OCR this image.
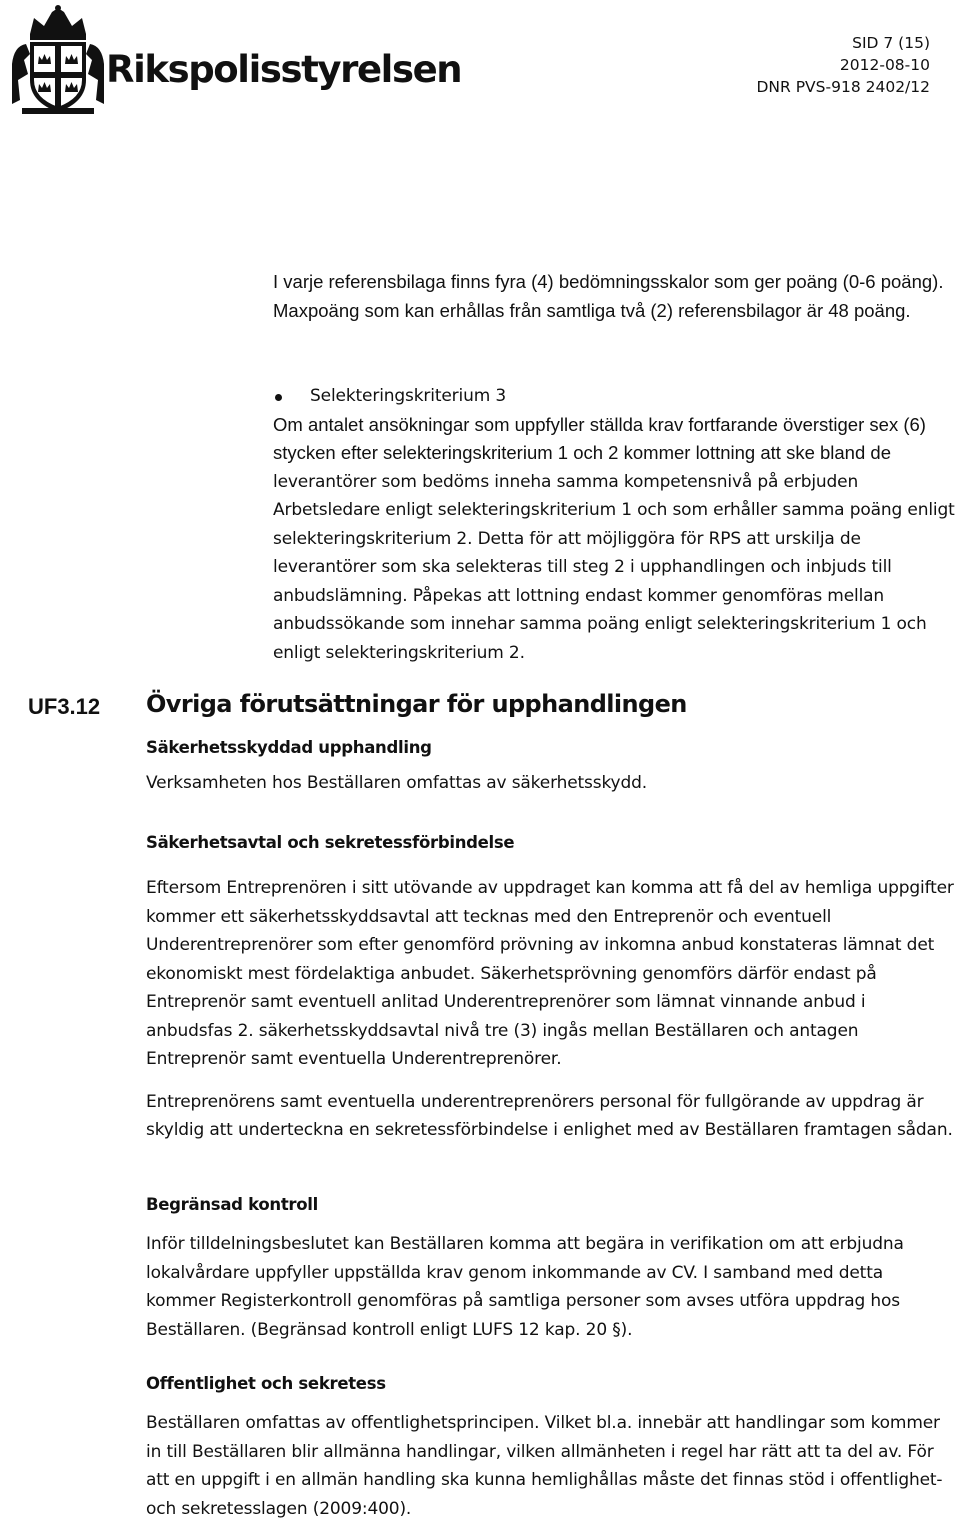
Rikspolisstyrelsen
SID 7 (15)
2012-08-10
DNR PVS-918 2402/12

I varje referensbilaga finns fyra (4) bedömningsskalor som ger poäng (0-6 poäng). Maxpoäng som kan erhållas från samtliga två (2) referensbilagor är 48 poäng.

Selekteringskriterium 3

Om antalet ansökningar som uppfyller ställda krav fortfarande överstiger sex (6) stycken efter selekteringskriterium 1 och 2 kommer lottning att ske bland de leverantörer som bedöms inneha samma kompetensnivå på erbjuden Arbetsledare enligt selekteringskriterium 1 och som erhåller samma poäng enligt selekteringskriterium 2. Detta för att möjliggöra för RPS att urskilja de leverantörer som ska selekteras till steg 2 i upphandlingen och inbjuds till anbudslämning. Påpekas att lottning endast kommer genomföras mellan anbudssökande som innehar samma poäng enligt selekteringskriterium 1 och enligt selekteringskriterium 2.

UF3.12 Övriga förutsättningar för upphandlingen
Säkerhetsskyddad upphandling

Verksamheten hos Beställaren omfattas av säkerhetsskydd.

Säkerhetsavtal och sekretessförbindelse

Eftersom Entreprenören i sitt utövande av uppdraget kan komma att få del av hemliga uppgifter kommer ett säkerhetsskyddsavtal att tecknas med den Entreprenör och eventuell Underentreprenörer som efter genomförd prövning av inkomna anbud konstateras lämnat det ekonomiskt mest fördelaktiga anbudet. Säkerhetsprövning genomförs därför endast på Entreprenör samt eventuell anlitad Underentreprenörer som lämnat vinnande anbud i anbudsfas 2. säkerhetsskyddsavtal nivå tre (3) ingås mellan Beställaren och antagen Entreprenör samt eventuella Underentreprenörer.

Entreprenörens samt eventuella underentreprenörers personal för fullgörande av uppdrag är skyldig att underteckna en sekretessförbindelse i enlighet med av Beställaren framtagen sådan.

Begränsad kontroll

Inför tilldelningsbeslutet kan Beställaren komma att begära in verifikation om att erbjudna lokalvårdare uppfyller uppställda krav genom inkommande av CV. I samband med detta kommer Registerkontroll genomföras på samtliga personer som avses utföra uppdrag hos Beställaren. (Begränsad kontroll enligt LUFS 12 kap. 20 §).

Offentlighet och sekretess

Beställaren omfattas av offentlighetsprincipen. Vilket bl.a. innebär att handlingar som kommer in till Beställaren blir allmänna handlingar, vilken allmänheten i regel har rätt att ta del av. För att en uppgift i en allmän handling ska kunna hemlighållas måste det finnas stöd i offentlighet- och sekretesslagen (2009:400).
